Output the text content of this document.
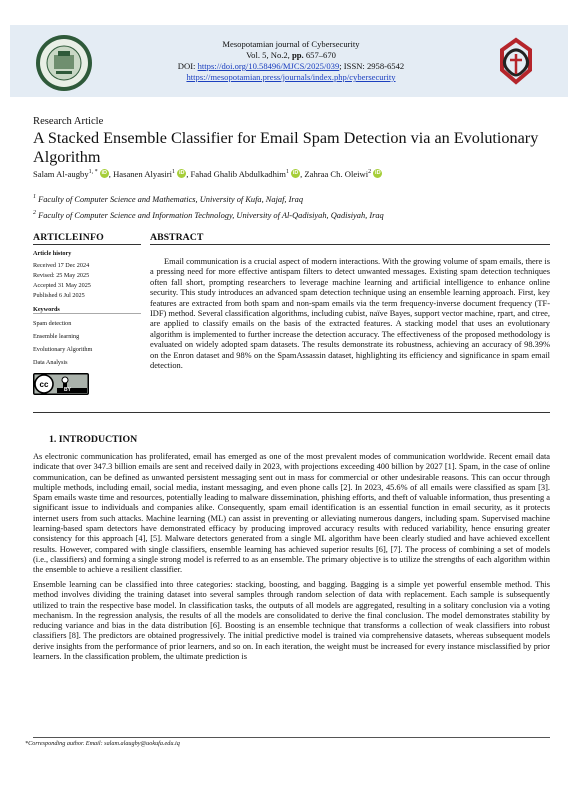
Mesopotamian journal of Cybersecurity
Vol. 5, No.2, pp. 657–670
DOI: https://doi.org/10.58496/MJCS/2025/039; ISSN: 2958-6542
https://mesopotamian.press/journals/index.php/cybersecurity
Research Article
A Stacked Ensemble Classifier for Email Spam Detection via an Evolutionary Algorithm
Salam Al-augby$^{1, *}$ iD , Hasanen Alyasiri$^1$ iD , Fahad Ghalib Abdulkadhim$^1$ iD , Zahraa Ch. Oleiwi$^2$ iD
$^1$ Faculty of Computer Science and Mathematics, University of Kufa, Najaf, Iraq
$^2$ Faculty of Computer Science and Information Technology, University of Al-Qadisiyah, Qadisiyah, Iraq
ARTICLEINFO
Article history
Received 17 Dec 2024
Revised: 25 May 2025
Accepted 31 May 2025
Published 6 Jul 2025
Keywords
Spam detection
Ensemble learning
Evolutionary Algorithm
Data Analysis
cc
BY
ABSTRACT
Email communication is a crucial aspect of modern interactions. With the growing volume of spam emails, there is a pressing need for more effective antispam filters to detect unwanted messages. Existing spam detection techniques often fall short, prompting researchers to leverage machine learning and artificial intelligence to enhance online security. This study introduces an advanced spam detection technique using an ensemble learning approach. First, key features are extracted from both spam and non-spam emails via the term frequency-inverse document frequency (TF-IDF) method. Several classification algorithms, including cubist, naïve Bayes, support vector machine, rpart, and ctree, are applied to classify emails on the basis of the extracted features. A stacking model that uses an evolutionary algorithm is implemented to further increase the detection accuracy. The effectiveness of the proposed methodology is evaluated on widely adopted spam datasets. The results demonstrate its robustness, achieving an accuracy of 98.39% on the Enron dataset and 98% on the SpamAssassin dataset, highlighting its efficiency and significance in spam email detection.
1. INTRODUCTION
As electronic communication has proliferated, email has emerged as one of the most prevalent modes of communication worldwide. Recent email data indicate that over 347.3 billion emails are sent and received daily in 2023, with projections exceeding 400 billion by 2027 [1]. Spam, in the case of online communication, can be defined as unwanted persistent messaging sent out in mass for commercial or other undesirable reasons. This can occur through multiple methods, including email, social media, instant messaging, and even phone calls [2]. In 2023, 45.6% of all emails were classified as spam [3]. Spam emails waste time and resources, potentially leading to malware dissemination, phishing efforts, and theft of valuable information, thus presenting a significant issue to individuals and companies alike. Consequently, spam email identification is an essential function in email security, as it protects internet users from such attacks. Machine learning (ML) can assist in preventing or alleviating numerous dangers, including spam. Supervised machine learning-based spam detectors have demonstrated efficacy by producing improved accuracy results with reduced variability, hence ensuring greater consistency for this approach [4], [5]. Malware detectors generated from a single ML algorithm have been clearly studied and have achieved excellent results. However, compared with single classifiers, ensemble learning has achieved superior results [6], [7]. The process of combining a set of models (i.e., classifiers) and forming a single strong model is referred to as an ensemble. The primary objective is to utilize the strengths of each algorithm within the ensemble to achieve a resilient classifier.
Ensemble learning can be classified into three categories: stacking, boosting, and bagging. Bagging is a simple yet powerful ensemble method. This method involves dividing the training dataset into several samples through random selection of data with replacement. Each sample is subsequently utilized to train the respective base model. In classification tasks, the outputs of all models are aggregated, resulting in a solitary conclusion via a voting mechanism. In the regression analysis, the results of all the models are consolidated to derive the final conclusion. The model demonstrates stability by reducing variance and bias in the data distribution [6]. Boosting is an ensemble technique that transforms a collection of weak classifiers into robust classifiers [8]. The predictors are obtained progressively. The initial predictive model is trained via comprehensive datasets, whereas subsequent models derive insights from the performance of prior learners, and so on. In each iteration, the weight must be increased for every instance misclassified by prior learners. In the classification problem, the ultimate prediction is
*Corresponding author. Email: salam.alaugby@uokufa.edu.iq
